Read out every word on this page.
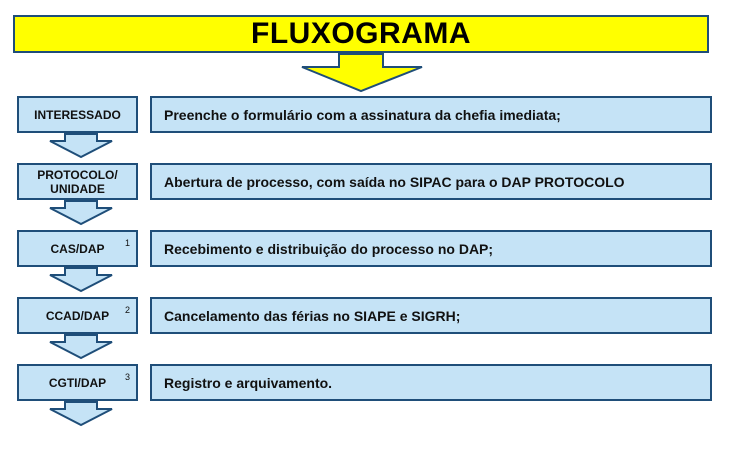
FLUXOGRAMA
INTERESSADO	Preenche o formulário com a assinatura da chefia imediata;
PROTOCOLO/
UNIDADE	Abertura de processo, com saída no SIPAC para o DAP PROTOCOLO
CAS/DAP 1	Recebimento e distribuição do processo no DAP;
CCAD/DAP 2	Cancelamento das férias no SIAPE e SIGRH;
CGTI/DAP 3	Registro e arquivamento.
